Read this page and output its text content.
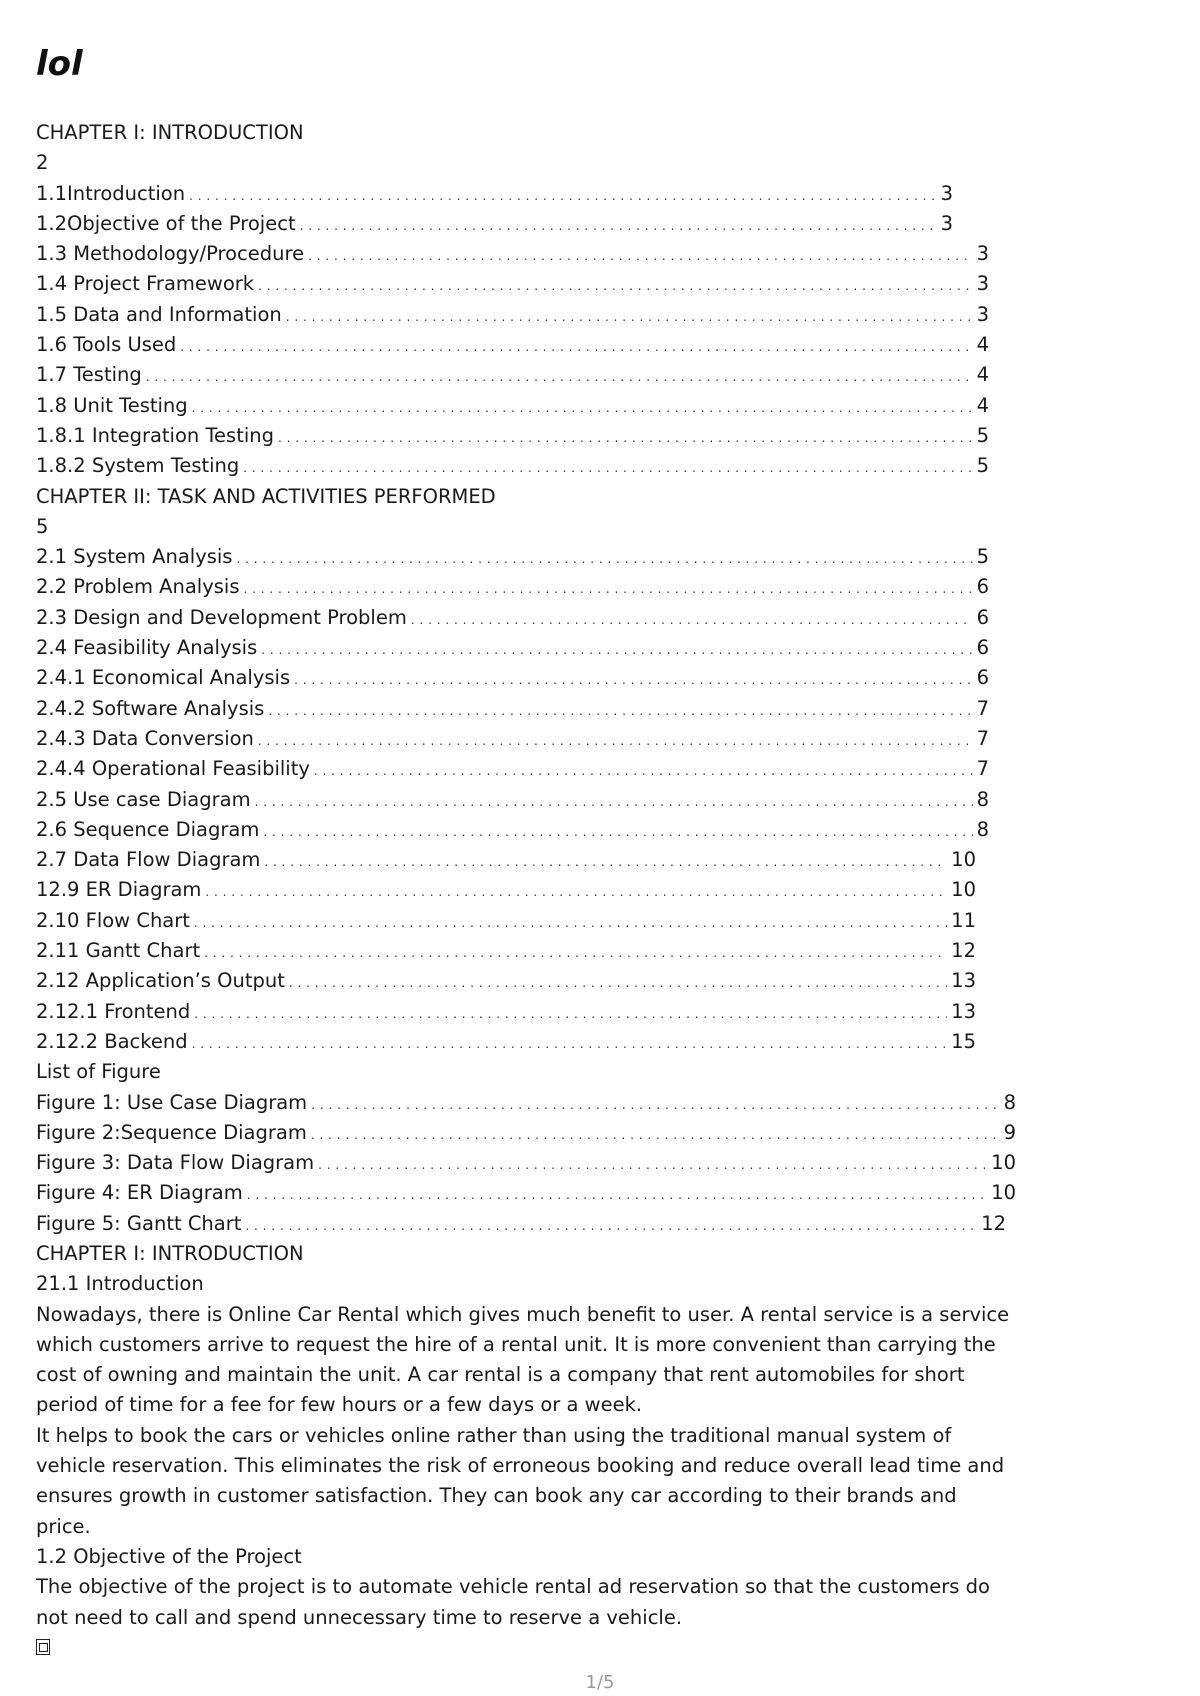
lol
CHAPTER I: INTRODUCTION
2
1.1Introduction . . .	3
1.2Objective of the Project . . .	3
1.3 Methodology/Procedure . . .	3
1.4 Project Framework . . .	3
1.5 Data and Information . . .	3
1.6 Tools Used . . .	4
1.7 Testing . . .	4
1.8 Unit Testing . . .	4
1.8.1 Integration Testing . . .	5
1.8.2 System Testing . . .	5
CHAPTER II: TASK AND ACTIVITIES PERFORMED
5
2.1 System Analysis . . .	5
2.2 Problem Analysis . . .	6
2.3 Design and Development Problem . . .	6
2.4 Feasibility Analysis . . .	6
2.4.1 Economical Analysis . . .	6
2.4.2 Software Analysis . . .	7
2.4.3 Data Conversion . . .	7
2.4.4 Operational Feasibility . . .	7
2.5 Use case Diagram . . .	8
2.6 Sequence Diagram . . .	8
2.7 Data Flow Diagram . . .	10
12.9 ER Diagram . . .	10
2.10 Flow Chart . . .	11
2.11 Gantt Chart . . .	12
2.12 Application’s Output . . .	13
2.12.1 Frontend . . .	13
2.12.2 Backend . . .	15
List of Figure
Figure 1: Use Case Diagram . . .	8
Figure 2:Sequence Diagram . . .	9
Figure 3: Data Flow Diagram . . .	10
Figure 4: ER Diagram . . .	10
Figure 5: Gantt Chart . . .	12
CHAPTER I: INTRODUCTION
21.1 Introduction

Nowadays, there is Online Car Rental which gives much benefit to user. A rental service is a service which customers arrive to request the hire of a rental unit. It is more convenient than carrying the cost of owning and maintain the unit. A car rental is a company that rent automobiles for short period of time for a fee for few hours or a few days or a week.

It helps to book the cars or vehicles online rather than using the traditional manual system of vehicle reservation. This eliminates the risk of erroneous booking and reduce overall lead time and ensures growth in customer satisfaction. They can book any car according to their brands and price.

1.2 Objective of the Project

The objective of the project is to automate vehicle rental ad reservation so that the customers do not need to call and spend unnecessary time to reserve a vehicle.

1/5
